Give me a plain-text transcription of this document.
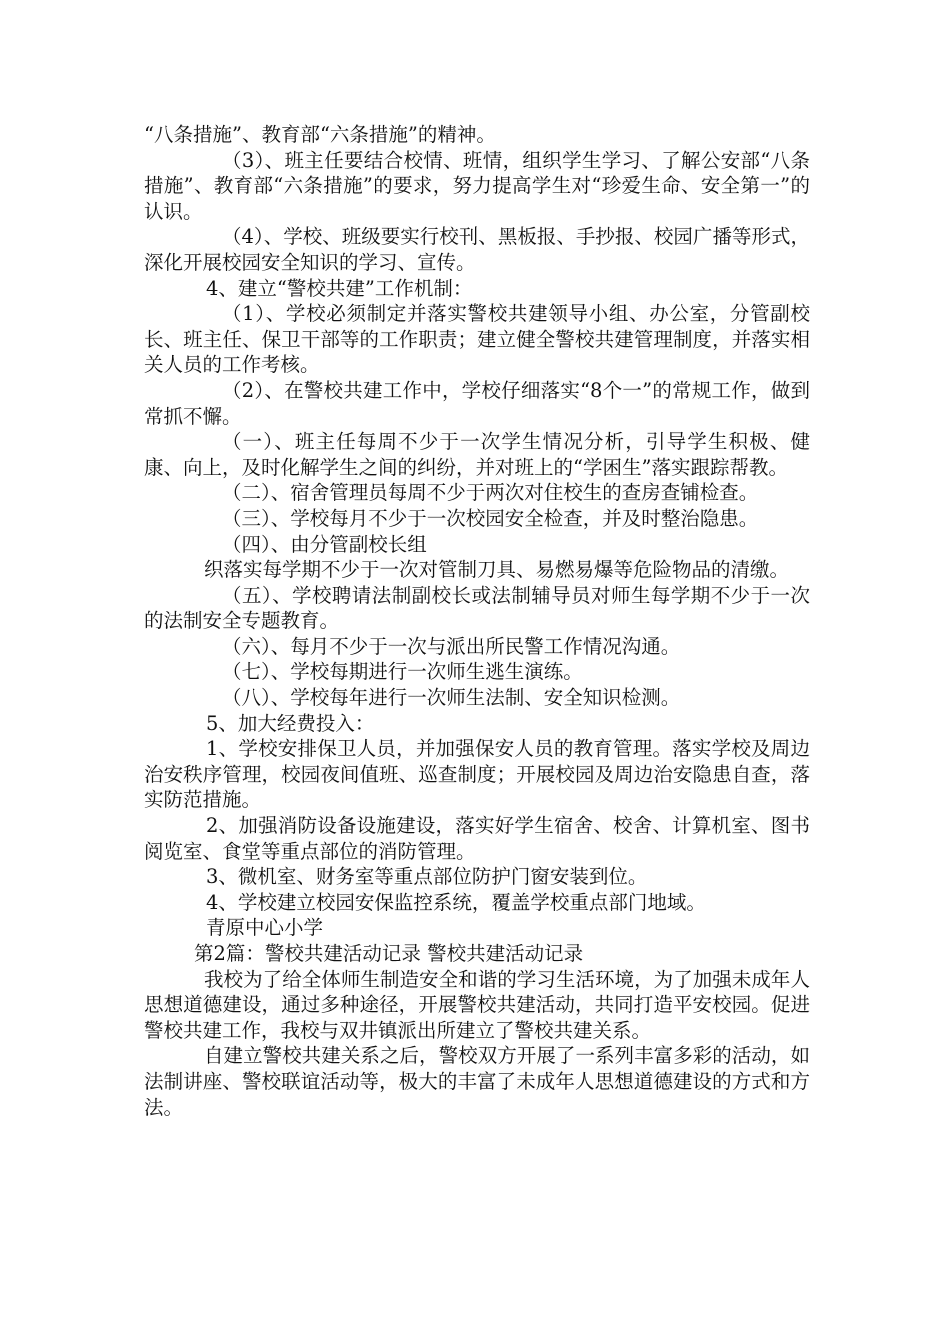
“八条措施”、教育部“六条措施”的精神。

（3）、班主任要结合校情、班情，组织学生学习、了解公安部“八条措施”、教育部“六条措施”的要求，努力提高学生对“珍爱生命、安全第一”的认识。

（4）、学校、班级要实行校刊、黑板报、手抄报、校园广播等形式，深化开展校园安全知识的学习、宣传。

4、建立“警校共建”工作机制：

（1）、学校必须制定并落实警校共建领导小组、办公室，分管副校长、班主任、保卫干部等的工作职责；建立健全警校共建管理制度，并落实相关人员的工作考核。

（2）、在警校共建工作中，学校仔细落实“8个一”的常规工作，做到常抓不懈。

（一）、班主任每周不少于一次学生情况分析，引导学生积极、健康、向上，及时化解学生之间的纠纷，并对班上的“学困生”落实跟踪帮教。

（二）、宿舍管理员每周不少于两次对住校生的查房查铺检查。

（三）、学校每月不少于一次校园安全检查，并及时整治隐患。

（四）、由分管副校长组

织落实每学期不少于一次对管制刀具、易燃易爆等危险物品的清缴。

（五）、学校聘请法制副校长或法制辅导员对师生每学期不少于一次的法制安全专题教育。

（六）、每月不少于一次与派出所民警工作情况沟通。

（七）、学校每期进行一次师生逃生演练。

（八）、学校每年进行一次师生法制、安全知识检测。

5、加大经费投入：

1、学校安排保卫人员，并加强保安人员的教育管理。落实学校及周边治安秩序管理，校园夜间值班、巡查制度；开展校园及周边治安隐患自查，落实防范措施。

2、加强消防设备设施建设，落实好学生宿舍、校舍、计算机室、图书阅览室、食堂等重点部位的消防管理。

3、微机室、财务室等重点部位防护门窗安装到位。

4、学校建立校园安保监控系统，覆盖学校重点部门地域。

青原中心小学

第2篇：警校共建活动记录 警校共建活动记录

我校为了给全体师生制造安全和谐的学习生活环境，为了加强未成年人思想道德建设，通过多种途径，开展警校共建活动，共同打造平安校园。促进警校共建工作，我校与双井镇派出所建立了警校共建关系。

自建立警校共建关系之后，警校双方开展了一系列丰富多彩的活动，如法制讲座、警校联谊活动等，极大的丰富了未成年人思想道德建设的方式和方法。
